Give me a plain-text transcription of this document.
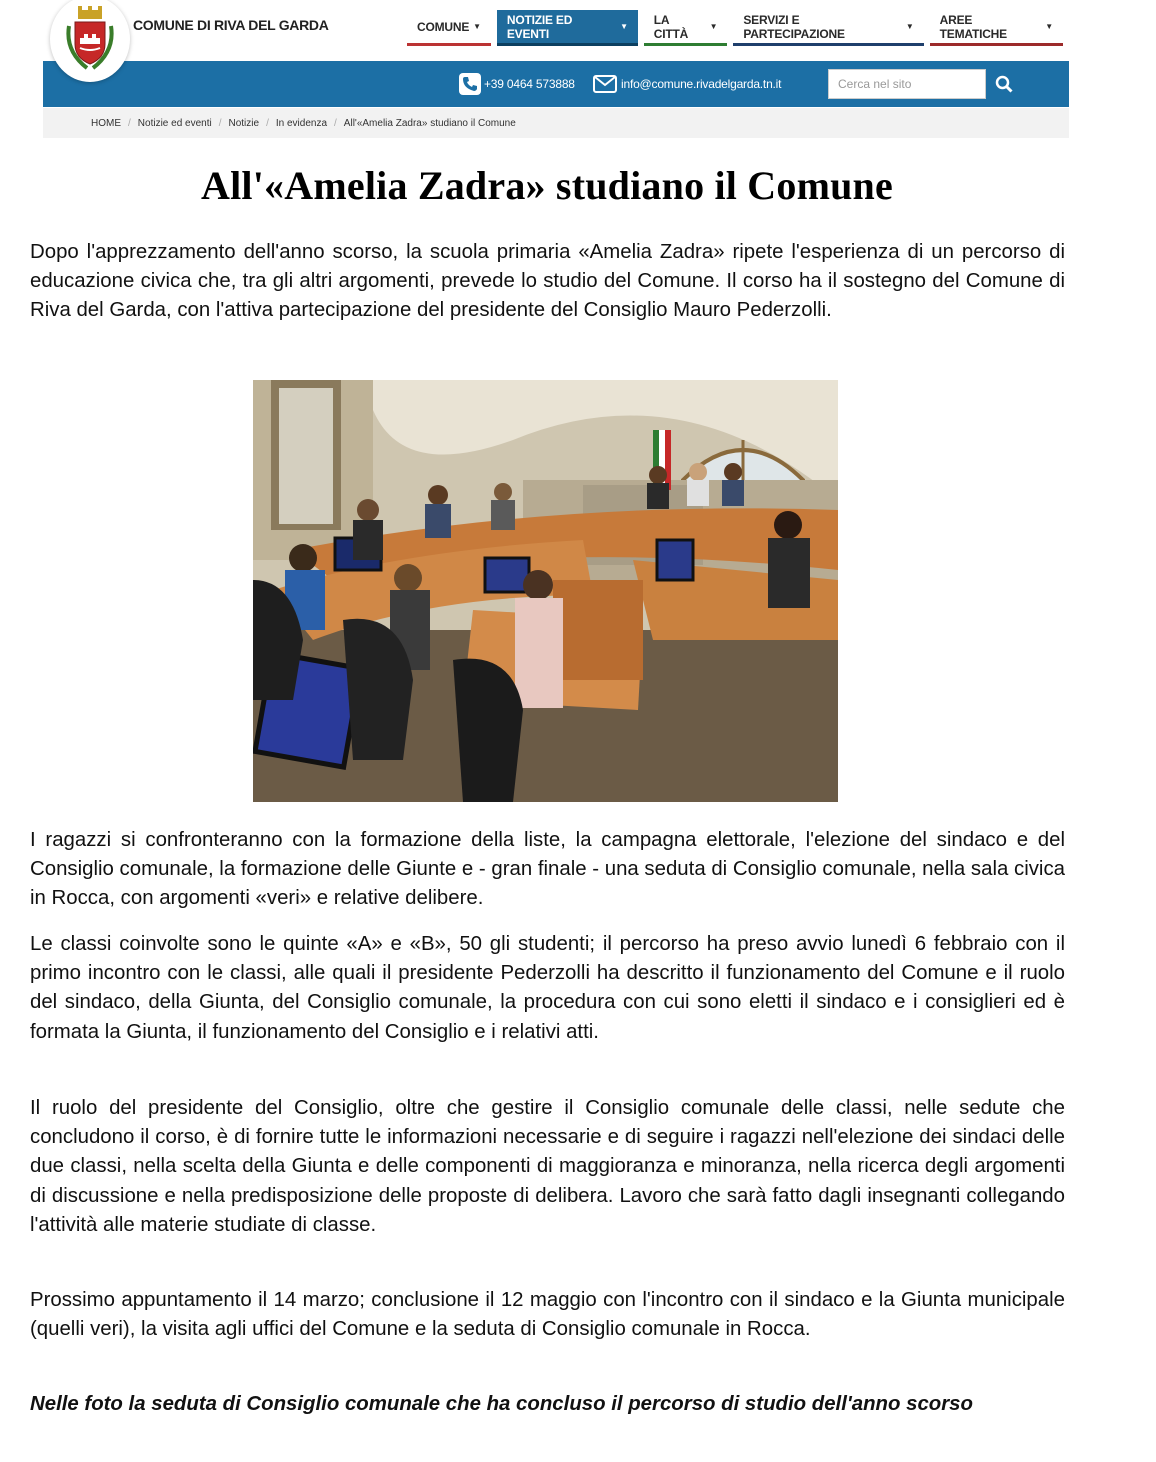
COMUNE DI RIVA DEL GARDA	COMUNE ▼ NOTIZIE ED EVENTI	▼ LA CITTÀ	▼ SERVIZI E PARTECIPAZIONE	▼ AREE TEMATICHE	▼
+39 0464 573888	info@comune.rivadelgarda.tn.it
Cerca nel sito
HOME / Notizie ed eventi / Notizie / In evidenza / All'«Amelia Zadra» studiano il Comune
All'«Amelia Zadra» studiano il Comune

Dopo l'apprezzamento dell'anno scorso, la scuola primaria «Amelia Zadra» ripete l'esperienza di un percorso di educazione civica che, tra gli altri argomenti, prevede lo studio del Comune. Il corso ha il sostegno del Comune di Riva del Garda, con l'attiva partecipazione del presidente del Consiglio Mauro Pederzolli.

I ragazzi si confronteranno con la formazione della liste, la campagna elettorale, l'elezione del sindaco e del Consiglio comunale, la formazione delle Giunte e - gran finale - una seduta di Consiglio comunale, nella sala civica in Rocca, con argomenti «veri» e relative delibere.

Le classi coinvolte sono le quinte «A» e «B», 50 gli studenti; il percorso ha preso avvio lunedì 6 febbraio con il primo incontro con le classi, alle quali il presidente Pederzolli ha descritto il funzionamento del Comune e il ruolo del sindaco, della Giunta, del Consiglio comunale, la procedura con cui sono eletti il sindaco e i consiglieri ed è formata la Giunta, il funzionamento del Consiglio e i relativi atti.

Il ruolo del presidente del Consiglio, oltre che gestire il Consiglio comunale delle classi, nelle sedute che concludono il corso, è di fornire tutte le informazioni necessarie e di seguire i ragazzi nell'elezione dei sindaci delle due classi, nella scelta della Giunta e delle componenti di maggioranza e minoranza, nella ricerca degli argomenti di discussione e nella predisposizione delle proposte di delibera. Lavoro che sarà fatto dagli insegnanti collegando l'attività alle materie studiate di classe.

Prossimo appuntamento il 14 marzo; conclusione il 12 maggio con l'incontro con il sindaco e la Giunta municipale (quelli veri), la visita agli uffici del Comune e la seduta di Consiglio comunale in Rocca.

Nelle foto la seduta di Consiglio comunale che ha concluso il percorso di studio dell'anno scorso
